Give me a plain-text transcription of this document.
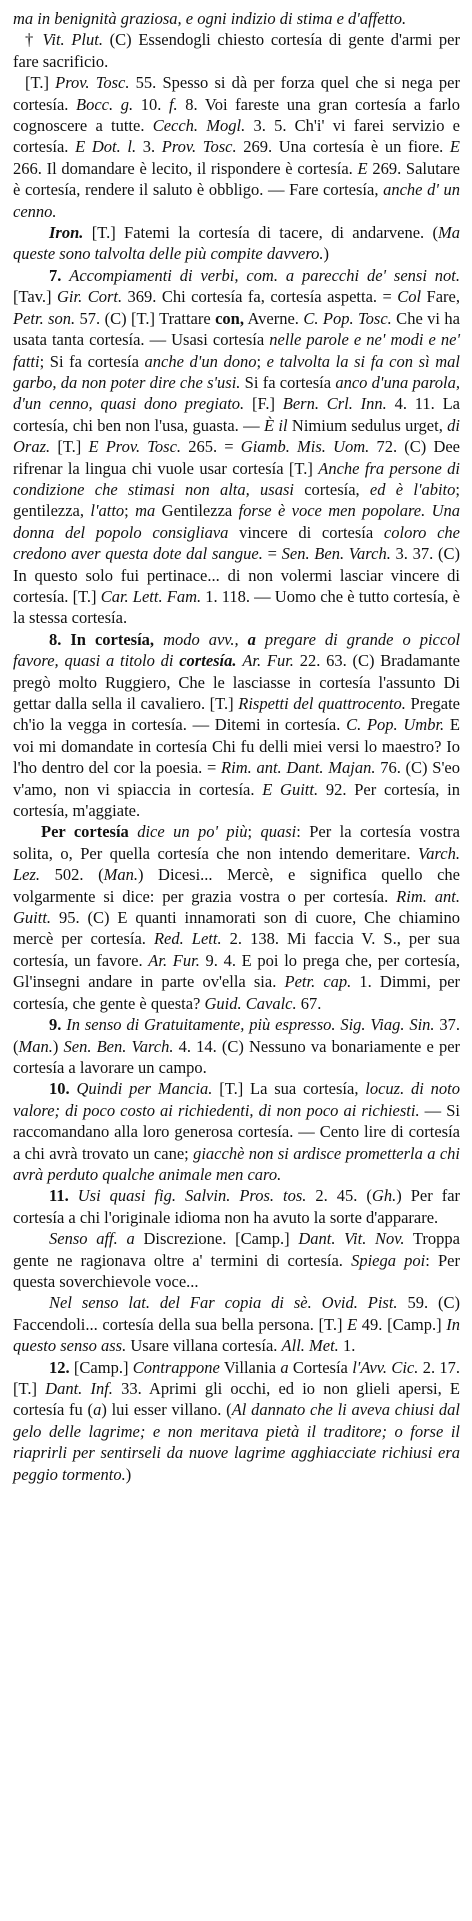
ma in benignità graziosa, e ogni indizio di stima e d'affetto.

† Vit. Plut. (C) Essendogli chiesto cortesía di gente d'armi per fare sacrificio.

[T.] Prov. Tosc. 55. Spesso si dà per forza quel che si nega per cortesía. Bocc. g. 10. f. 8. Voi fareste una gran cortesía a farlo cognoscere a tutte. Cecch. Mogl. 3. 5. Ch'i' vi farei servizio e cortesía. E Dot. l. 3. Prov. Tosc. 269. Una cortesía è un fiore. E 266. Il domandare è lecito, il rispondere è cortesía. E 269. Salutare è cortesía, rendere il saluto è obbligo. — Fare cortesía, anche d' un cenno.

Iron. [T.] Fatemi la cortesía di tacere, di andarvene. (Ma queste sono talvolta delle più compite davvero.)

7. Accompiamenti di verbi, com. a parecchi de' sensi not. [Tav.] Gir. Cort. 369. Chi cortesía fa, cortesía aspetta. = Col Fare, Petr. son. 57. (C) [T.] Trattare con, Averne. C. Pop. Tosc. Che vi ha usata tanta cortesía. — Usasi cortesía nelle parole e ne' modi e ne' fatti; Si fa cortesía anche d'un dono; e talvolta la si fa con sì mal garbo, da non poter dire che s'usi. Si fa cortesía anco d'una parola, d'un cenno, quasi dono pregiato. [F.] Bern. Crl. Inn. 4. 11. La cortesía, chi ben non l'usa, guasta. — È il Nimium sedulus urget, di Oraz. [T.] E Prov. Tosc. 265. = Giamb. Mis. Uom. 72. (C) Dee rifrenar la lingua chi vuole usar cortesía [T.] Anche fra persone di condizione che stimasi non alta, usasi cortesía, ed è l'abito; gentilezza, l'atto; ma Gentilezza forse è voce men popolare. Una donna del popolo consigliava vincere di cortesía coloro che credono aver questa dote dal sangue. = Sen. Ben. Varch. 3. 37. (C) In questo solo fui pertinace... di non volermi lasciar vincere di cortesía. [T.] Car. Lett. Fam. 1. 118. — Uomo che è tutto cortesía, è la stessa cortesía.

8. In cortesía, modo avv., a pregare di grande o piccol favore, quasi a titolo di cortesía. Ar. Fur. 22. 63. (C) Bradamante pregò molto Ruggiero, Che le lasciasse in cortesía l'assunto Di gettar dalla sella il cavaliero. [T.] Rispetti del quattrocento. Pregate ch'io la vegga in cortesía. — Ditemi in cortesía. C. Pop. Umbr. E voi mi domandate in cortesía Chi fu delli miei versi lo maestro? Io l'ho dentro del cor la poesia. = Rim. ant. Dant. Majan. 76. (C) S'eo v'amo, non vi spiaccia in cortesía. E Guitt. 92. Per cortesía, in cortesía, m'aggiate.

Per cortesía dice un po' più; quasi: Per la cortesía vostra solita, o, Per quella cortesía che non intendo demeritare. Varch. Lez. 502. (Man.) Dicesi... Mercè, e significa quello che volgarmente si dice: per grazia vostra o per cortesía. Rim. ant. Guitt. 95. (C) E quanti innamorati son di cuore, Che chiamino mercè per cortesía. Red. Lett. 2. 138. Mi faccia V. S., per sua cortesía, un favore. Ar. Fur. 9. 4. E poi lo prega che, per cortesía, Gl'insegni andare in parte ov'ella sia. Petr. cap. 1. Dimmi, per cortesía, che gente è questa? Guid. Cavalc. 67.

9. In senso di Gratuitamente, più espresso. Sig. Viag. Sin. 37. (Man.) Sen. Ben. Varch. 4. 14. (C) Nessuno va bonariamente e per cortesía a lavorare un campo.

10. Quindi per Mancia. [T.] La sua cortesía, locuz. di noto valore; di poco costo ai richiedenti, di non poco ai richiesti. — Si raccomandano alla loro generosa cortesía. — Cento lire di cortesía a chi avrà trovato un cane; giacchè non si ardisce prometterla a chi avrà perduto qualche animale men caro.

11. Usi quasi fig. Salvin. Pros. tos. 2. 45. (Gh.) Per far cortesía a chi l'originale idioma non ha avuto la sorte d'apparare.

Senso aff. a Discrezione. [Camp.] Dant. Vit. Nov. Troppa gente ne ragionava oltre a' termini di cortesía. Spiega poi: Per questa soverchievole voce...

Nel senso lat. del Far copia di sè. Ovid. Pist. 59. (C) Faccendoli... cortesía della sua bella persona. [T.] E 49. [Camp.] In questo senso ass. Usare villana cortesía. All. Met. 1.

12. [Camp.] Contrappone Villania a Cortesía l'Avv. Cic. 2. 17. [T.] Dant. Inf. 33. Aprimi gli occhi, ed io non glieli apersi, E cortesía fu (a) lui esser villano. (Al dannato che li aveva chiusi dal gelo delle lagrime; e non meritava pietà il traditore; o forse il riaprirli per sentirseli da nuove lagrime agghiacciate richiusi era peggio tormento.)
